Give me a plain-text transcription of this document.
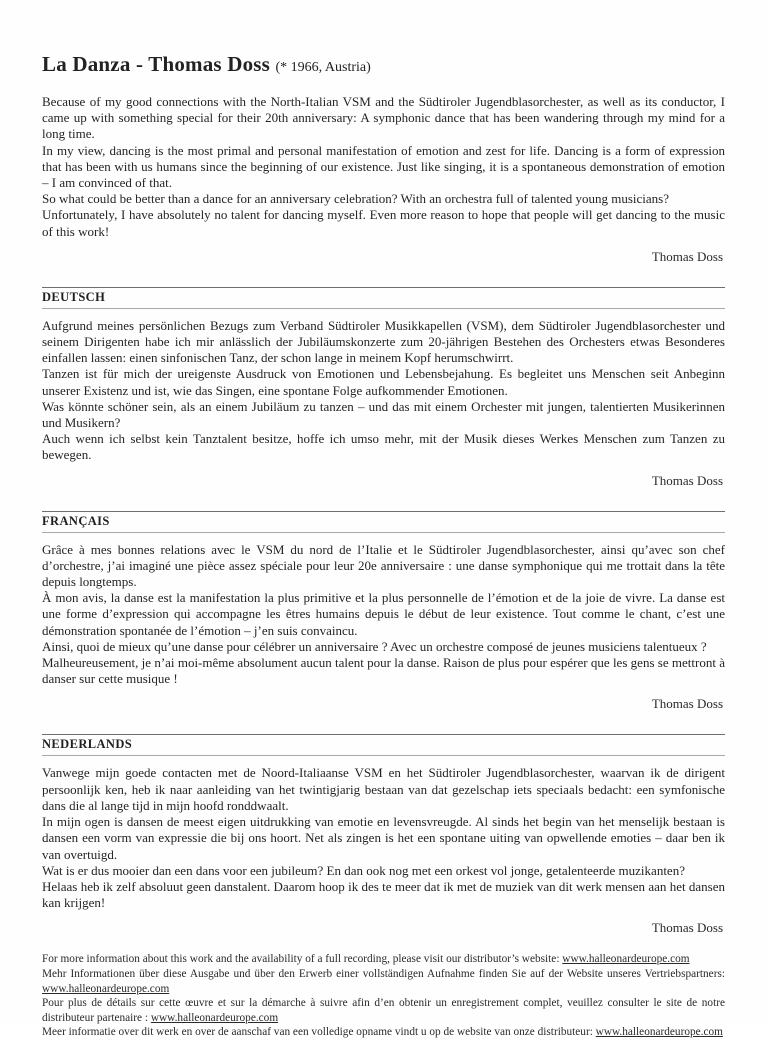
La Danza - Thomas Doss (* 1966, Austria)

Because of my good connections with the North-Italian VSM and the Südtiroler Jugendblasorchester, as well as its conductor, I came up with something special for their 20th anniversary: A symphonic dance that has been wandering through my mind for a long time.

In my view, dancing is the most primal and personal manifestation of emotion and zest for life. Dancing is a form of expression that has been with us humans since the beginning of our existence. Just like singing, it is a spontaneous demonstration of emotion – I am convinced of that.

So what could be better than a dance for an anniversary celebration? With an orchestra full of talented young musicians?

Unfortunately, I have absolutely no talent for dancing myself. Even more reason to hope that people will get dancing to the music of this work!

Thomas Doss

DEUTSCH

Aufgrund meines persönlichen Bezugs zum Verband Südtiroler Musikkapellen (VSM), dem Südtiroler Jugendblasorchester und seinem Dirigenten habe ich mir anlässlich der Jubiläumskonzerte zum 20-jährigen Bestehen des Orchesters etwas Besonderes einfallen lassen: einen sinfonischen Tanz, der schon lange in meinem Kopf herumschwirrt.

Tanzen ist für mich der ureigenste Ausdruck von Emotionen und Lebensbejahung. Es begleitet uns Menschen seit Anbeginn unserer Existenz und ist, wie das Singen, eine spontane Folge aufkommender Emotionen.

Was könnte schöner sein, als an einem Jubiläum zu tanzen – und das mit einem Orchester mit jungen, talentierten Musikerinnen und Musikern?

Auch wenn ich selbst kein Tanztalent besitze, hoffe ich umso mehr, mit der Musik dieses Werkes Menschen zum Tanzen zu bewegen.

Thomas Doss

FRANÇAIS

Grâce à mes bonnes relations avec le VSM du nord de l’Italie et le Südtiroler Jugendblasorchester, ainsi qu’avec son chef d’orchestre, j’ai imaginé une pièce assez spéciale pour leur 20e anniversaire : une danse symphonique qui me trottait dans la tête depuis longtemps.

À mon avis, la danse est la manifestation la plus primitive et la plus personnelle de l’émotion et de la joie de vivre. La danse est une forme d’expression qui accompagne les êtres humains depuis le début de leur existence. Tout comme le chant, c’est une démonstration spontanée de l’émotion – j’en suis convaincu.

Ainsi, quoi de mieux qu’une danse pour célébrer un anniversaire ? Avec un orchestre composé de jeunes musiciens talentueux ?

Malheureusement, je n’ai moi-même absolument aucun talent pour la danse. Raison de plus pour espérer que les gens se mettront à danser sur cette musique !

Thomas Doss

NEDERLANDS

Vanwege mijn goede contacten met de Noord-Italiaanse VSM en het Südtiroler Jugendblasorchester, waarvan ik de dirigent persoonlijk ken, heb ik naar aanleiding van het twintigjarig bestaan van dat gezelschap iets speciaals bedacht: een symfonische dans die al lange tijd in mijn hoofd ronddwaalt.

In mijn ogen is dansen de meest eigen uitdrukking van emotie en levensvreugde. Al sinds het begin van het menselijk bestaan is dansen een vorm van expressie die bij ons hoort. Net als zingen is het een spontane uiting van opwellende emoties – daar ben ik van overtuigd.

Wat is er dus mooier dan een dans voor een jubileum? En dan ook nog met een orkest vol jonge, getalenteerde muzikanten?

Helaas heb ik zelf absoluut geen danstalent. Daarom hoop ik des te meer dat ik met de muziek van dit werk mensen aan het dansen kan krijgen!

Thomas Doss

For more information about this work and the availability of a full recording, please visit our distributor’s website: www.halleonardeurope.com

Mehr Informationen über diese Ausgabe und über den Erwerb einer vollständigen Aufnahme finden Sie auf der Website unseres Vertriebspartners: www.halleonardeurope.com

Pour plus de détails sur cette œuvre et sur la démarche à suivre afin d’en obtenir un enregistrement complet, veuillez consulter le site de notre distributeur partenaire : www.halleonardeurope.com

Meer informatie over dit werk en over de aanschaf van een volledige opname vindt u op de website van onze distributeur: www.halleonardeurope.com
